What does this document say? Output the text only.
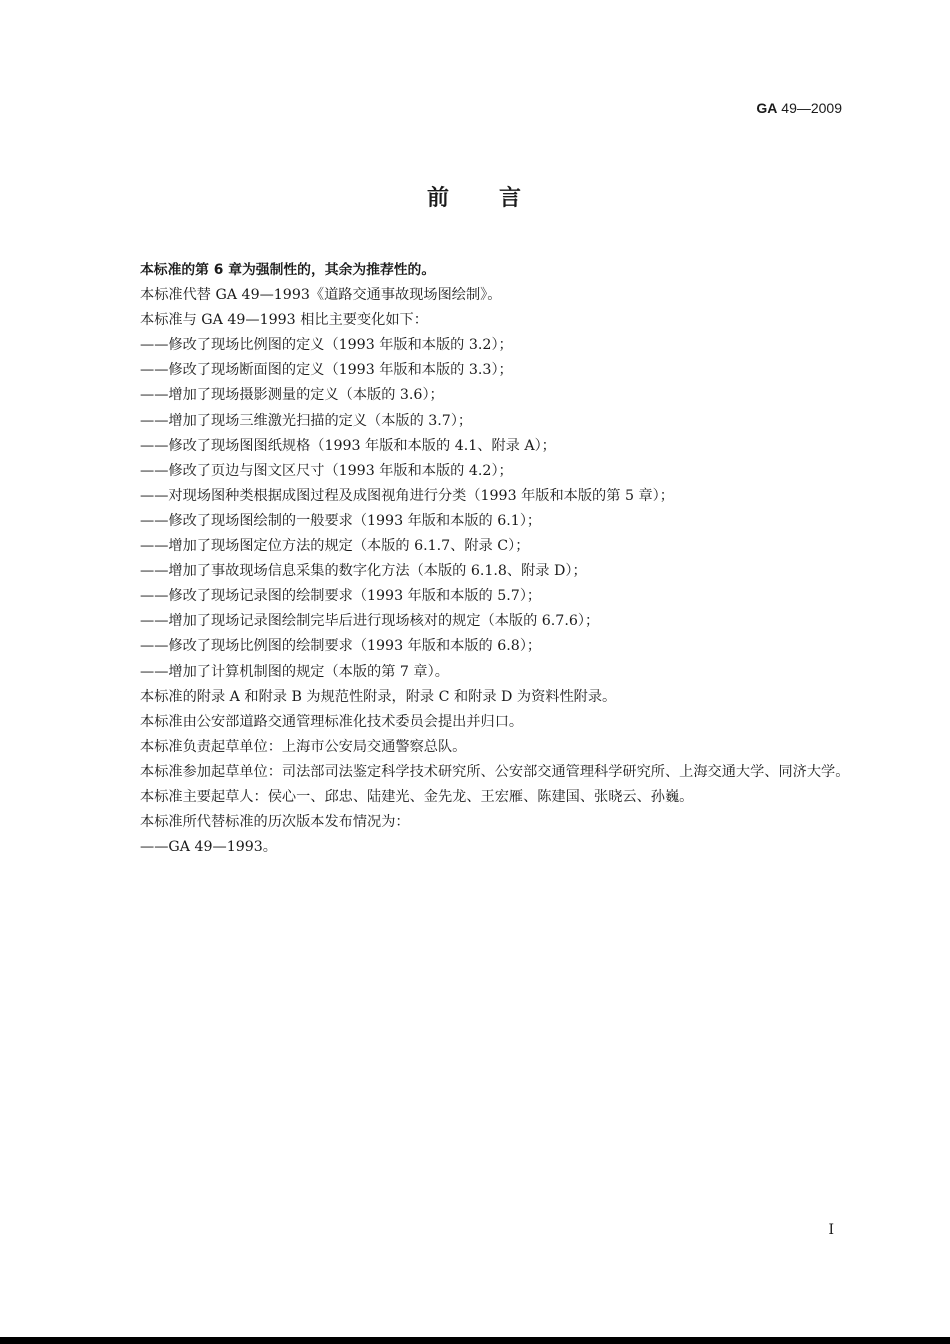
GA 49—2009
前　　言

本标准的第 6 章为强制性的，其余为推荐性的。

本标准代替 GA 49—1993《道路交通事故现场图绘制》。

本标准与 GA 49—1993 相比主要变化如下：

——修改了现场比例图的定义（1993 年版和本版的 3.2）；

——修改了现场断面图的定义（1993 年版和本版的 3.3）；

——增加了现场摄影测量的定义（本版的 3.6）；

——增加了现场三维激光扫描的定义（本版的 3.7）；

——修改了现场图图纸规格（1993 年版和本版的 4.1、附录 A）；

——修改了页边与图文区尺寸（1993 年版和本版的 4.2）；

——对现场图种类根据成图过程及成图视角进行分类（1993 年版和本版的第 5 章）；

——修改了现场图绘制的一般要求（1993 年版和本版的 6.1）；

——增加了现场图定位方法的规定（本版的 6.1.7、附录 C）；

——增加了事故现场信息采集的数字化方法（本版的 6.1.8、附录 D）；

——修改了现场记录图的绘制要求（1993 年版和本版的 5.7）；

——增加了现场记录图绘制完毕后进行现场核对的规定（本版的 6.7.6）；

——修改了现场比例图的绘制要求（1993 年版和本版的 6.8）；

——增加了计算机制图的规定（本版的第 7 章）。

本标准的附录 A 和附录 B 为规范性附录，附录 C 和附录 D 为资料性附录。

本标准由公安部道路交通管理标准化技术委员会提出并归口。

本标准负责起草单位：上海市公安局交通警察总队。

本标准参加起草单位：司法部司法鉴定科学技术研究所、公安部交通管理科学研究所、上海交通大学、同济大学。

本标准主要起草人：侯心一、邱忠、陆建光、金先龙、王宏雁、陈建国、张晓云、孙巍。

本标准所代替标准的历次版本发布情况为：

——GA 49—1993。

I
